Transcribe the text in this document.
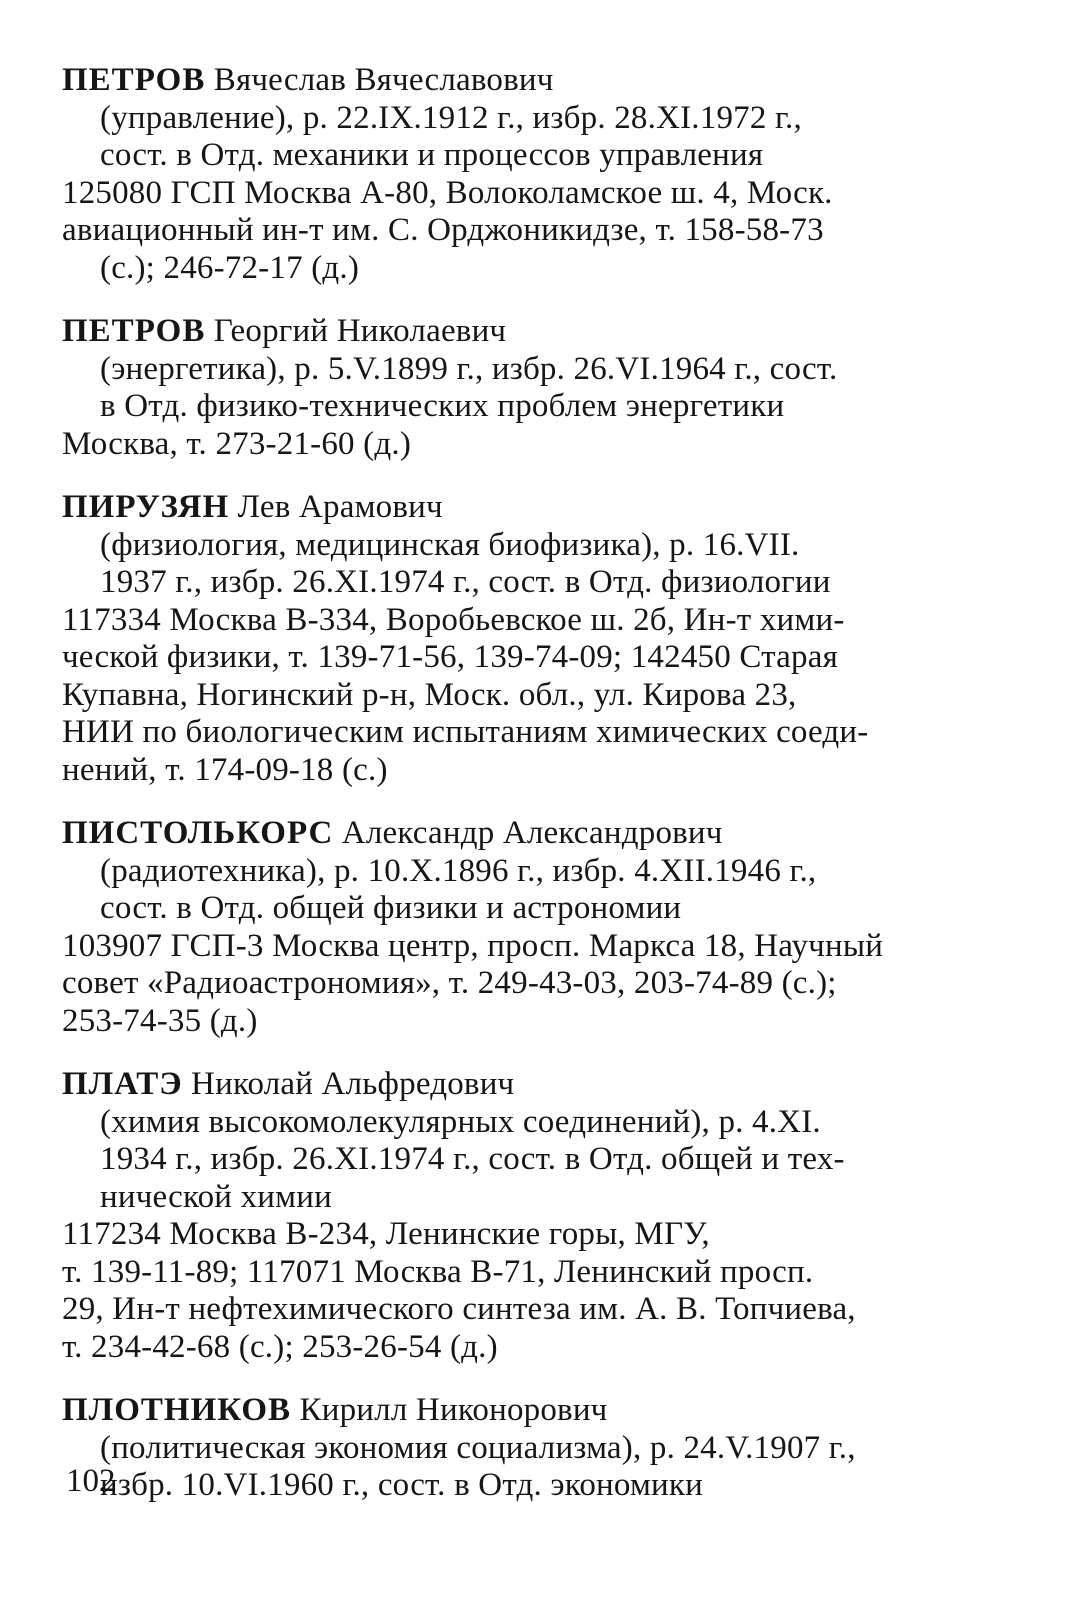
ПЕТРОВ Вячеслав Вячеславович
(управление), р. 22.IX.1912 г., избр. 28.XI.1972 г.,
сост. в Отд. механики и процессов управления
125080 ГСП Москва А-80, Волоколамское ш. 4, Моск.
авиационный ин-т им. С. Орджоникидзе, т. 158-58-73
(с.); 246-72-17 (д.)
ПЕТРОВ Георгий Николаевич
(энергетика), р. 5.V.1899 г., избр. 26.VI.1964 г., сост.
в Отд. физико-технических проблем энергетики
Москва, т. 273-21-60 (д.)
ПИРУЗЯН Лев Арамович
(физиология, медицинская биофизика), р. 16.VII.
1937 г., избр. 26.XI.1974 г., сост. в Отд. физиологии
117334 Москва В-334, Воробьевское ш. 2б, Ин-т хими-
ческой физики, т. 139-71-56, 139-74-09; 142450 Старая
Купавна, Ногинский р-н, Моск. обл., ул. Кирова 23,
НИИ по биологическим испытаниям химических соеди-
нений, т. 174-09-18 (с.)
ПИСТОЛЬКОРС Александр Александрович
(радиотехника), р. 10.X.1896 г., избр. 4.XII.1946 г.,
сост. в Отд. общей физики и астрономии
103907 ГСП-3 Москва центр, просп. Маркса 18, Научный
совет «Радиоастрономия», т. 249-43-03, 203-74-89 (с.);
253-74-35 (д.)
ПЛАТЭ Николай Альфредович
(химия высокомолекулярных соединений), р. 4.XI.
1934 г., избр. 26.XI.1974 г., сост. в Отд. общей и тех-
нической химии
117234 Москва В-234, Ленинские горы, МГУ,
т. 139-11-89; 117071 Москва В-71, Ленинский просп.
29, Ин-т нефтехимического синтеза им. А. В. Топчиева,
т. 234-42-68 (с.); 253-26-54 (д.)
ПЛОТНИКОВ Кирилл Никонорович
(политическая экономия социализма), р. 24.V.1907 г.,
избр. 10.VI.1960 г., сост. в Отд. экономики
102
